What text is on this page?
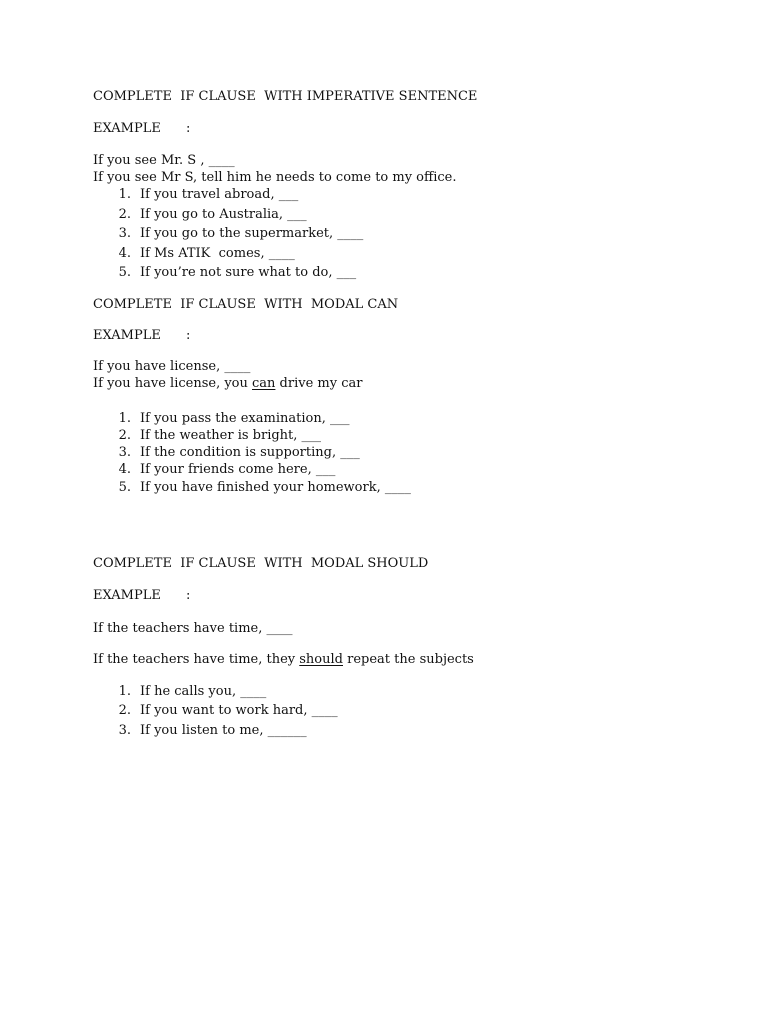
COMPLETE  IF CLAUSE  WITH IMPERATIVE SENTENCE
EXAMPLE :
If you see Mr. S , ____
If you see Mr S, tell him he needs to come to my office.
1. If you travel abroad, ___
2. If you go to Australia, ___
3. If you go to the supermarket, ____
4. If Ms ATIK  comes, ____
5. If you’re not sure what to do, ___
COMPLETE  IF CLAUSE  WITH  MODAL CAN
EXAMPLE :
If you have license, ____
If you have license, you can drive my car
1. If you pass the examination, ___
2. If the weather is bright, ___
3. If the condition is supporting, ___
4. If your friends come here, ___
5. If you have finished your homework, ____
COMPLETE  IF CLAUSE  WITH  MODAL SHOULD
EXAMPLE :
If the teachers have time, ____
If the teachers have time, they should repeat the subjects
1. If he calls you, ____
2. If you want to work hard, ____
3. If you listen to me, ______
